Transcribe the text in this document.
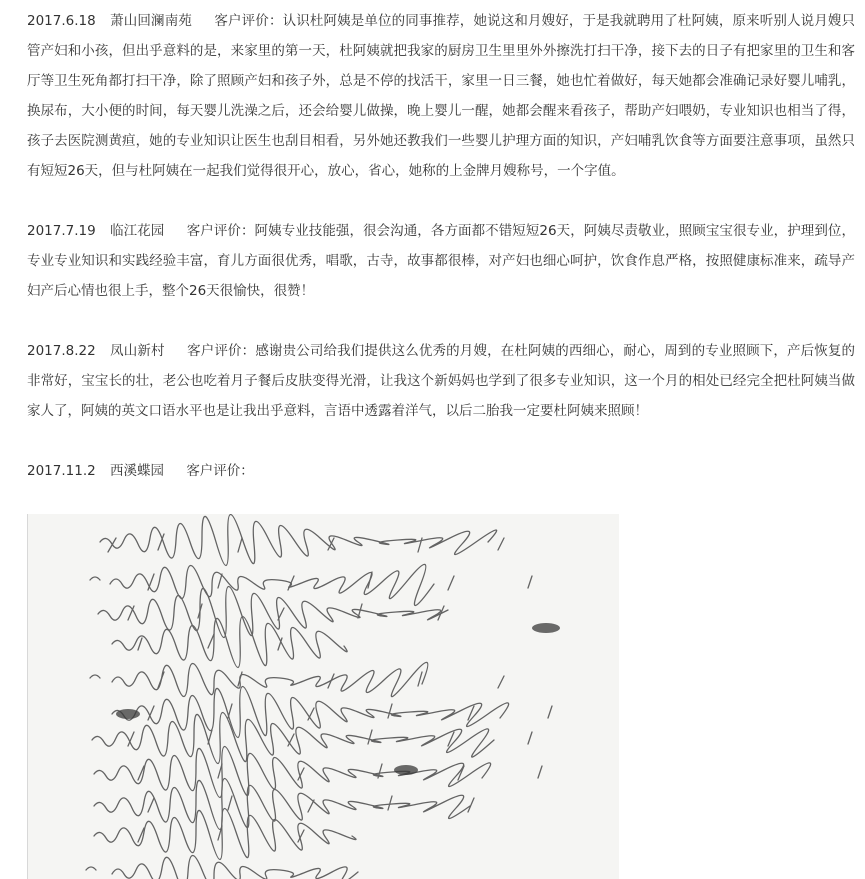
2017.6.18 萧山回澜南苑 客户评价：认识杜阿姨是单位的同事推荐，她说这和月嫂好，于是我就聘用了杜阿姨，原来听别人说月嫂只管产妇和小孩，但出乎意料的是，来家里的第一天，杜阿姨就把我家的厨房卫生里里外外擦洗打扫干净，接下去的日子有把家里的卫生和客厅等卫生死角都打扫干净，除了照顾产妇和孩子外，总是不停的找活干，家里一日三餐，她也忙着做好，每天她都会准确记录好婴儿哺乳，换尿布，大小便的时间，每天婴儿洗澡之后，还会给婴儿做操，晚上婴儿一醒，她都会醒来看孩子，帮助产妇喂奶，专业知识也相当了得，孩子去医院测黄疸，她的专业知识让医生也刮目相看，另外她还教我们一些婴儿护理方面的知识，产妇哺乳饮食等方面要注意事项，虽然只有短短26天，但与杜阿姨在一起我们觉得很开心，放心，省心，她称的上金牌月嫂称号，一个字值。

2017.7.19 临江花园 客户评价：阿姨专业技能强，很会沟通，各方面都不错短短26天，阿姨尽责敬业，照顾宝宝很专业，护理到位，专业专业知识和实践经验丰富，育儿方面很优秀，唱歌，古寺，故事都很棒，对产妇也细心呵护，饮食作息严格，按照健康标准来，疏导产妇产后心情也很上手，整个26天很愉快，很赞！

2017.8.22 凤山新村 客户评价：感谢贵公司给我们提供这么优秀的月嫂，在杜阿姨的西细心，耐心，周到的专业照顾下，产后恢复的非常好，宝宝长的壮，老公也吃着月子餐后皮肤变得光滑，让我这个新妈妈也学到了很多专业知识，这一个月的相处已经完全把杜阿姨当做家人了，阿姨的英文口语水平也是让我出乎意料，言语中透露着洋气，以后二胎我一定要杜阿姨来照顾！

2017.11.2 西溪蝶园 客户评价：
